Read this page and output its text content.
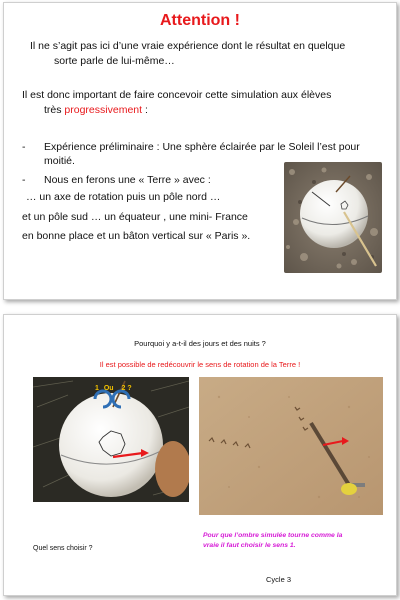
Attention !
Il ne s’agit pas ici d’une vraie expérience dont le résultat en quelque
sorte parle de lui-même…
Il est donc important de faire concevoir cette simulation aux élèves
très progressivement :
- Expérience préliminaire : Une sphère éclairée par le Soleil l’est pour
moitié.
- Nous en ferons une « Terre » avec :
… un axe de rotation puis un pôle nord …
et un pôle sud … un équateur , une mini- France
en bonne place et un bâton vertical sur « Paris ».
Pourquoi y a-t-il des jours et des nuits ?
Il est possible de redécouvrir le sens de rotation de la Terre !
1 Ou 2 ?
Quel sens choisir ?
Pour que l’ombre simulée tourne comme la
vraie il faut choisir le sens 1.
Cycle 3
